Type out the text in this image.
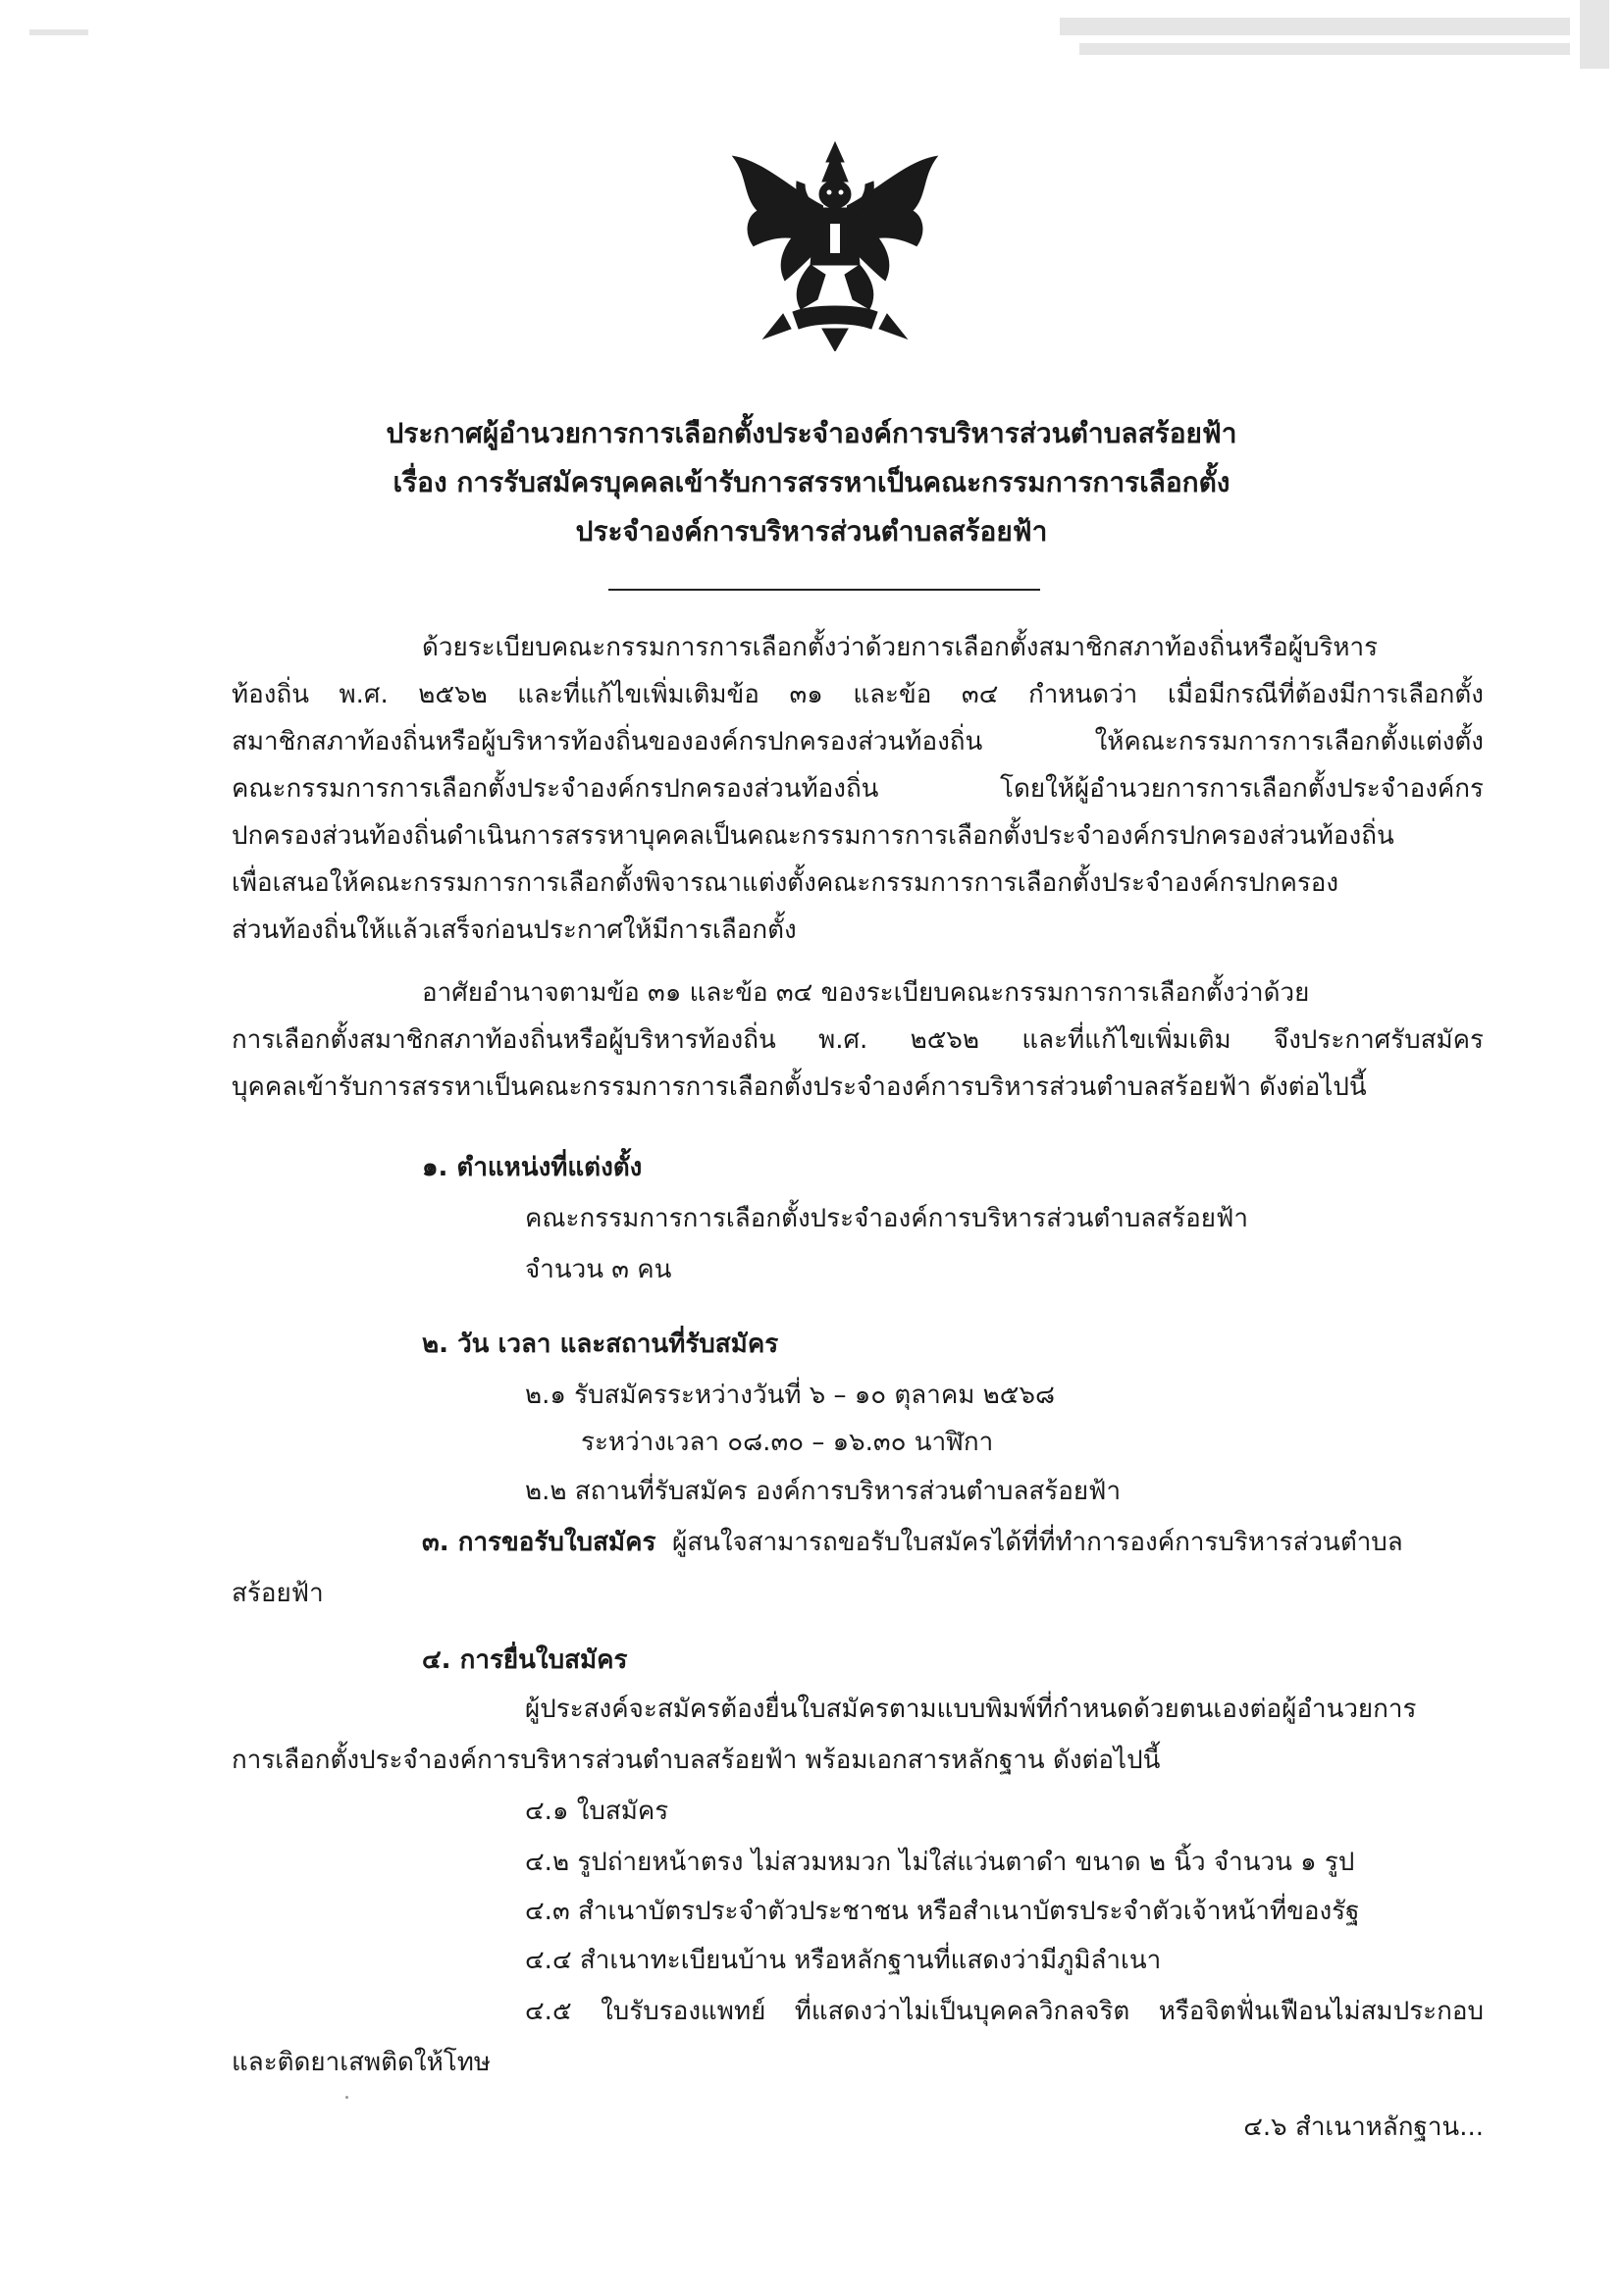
ประกาศผู้อำนวยการการเลือกตั้งประจำองค์การบริหารส่วนตำบลสร้อยฟ้า
เรื่อง การรับสมัครบุคคลเข้ารับการสรรหาเป็นคณะกรรมการการเลือกตั้ง
ประจำองค์การบริหารส่วนตำบลสร้อยฟ้า
ด้วยระเบียบคณะกรรมการการเลือกตั้งว่าด้วยการเลือกตั้งสมาชิกสภาท้องถิ่นหรือผู้บริหาร
ท้องถิ่น พ.ศ. ๒๕๖๒ และที่แก้ไขเพิ่มเติมข้อ ๓๑ และข้อ ๓๔ กำหนดว่า เมื่อมีกรณีที่ต้องมีการเลือกตั้ง
สมาชิกสภาท้องถิ่นหรือผู้บริหารท้องถิ่นขององค์กรปกครองส่วนท้องถิ่น ให้คณะกรรมการการเลือกตั้งแต่งตั้ง
คณะกรรมการการเลือกตั้งประจำองค์กรปกครองส่วนท้องถิ่น โดยให้ผู้อำนวยการการเลือกตั้งประจำองค์กร
ปกครองส่วนท้องถิ่นดำเนินการสรรหาบุคคลเป็นคณะกรรมการการเลือกตั้งประจำองค์กรปกครองส่วนท้องถิ่น
เพื่อเสนอให้คณะกรรมการการเลือกตั้งพิจารณาแต่งตั้งคณะกรรมการการเลือกตั้งประจำองค์กรปกครอง
ส่วนท้องถิ่นให้แล้วเสร็จก่อนประกาศให้มีการเลือกตั้ง
อาศัยอำนาจตามข้อ ๓๑ และข้อ ๓๔ ของระเบียบคณะกรรมการการเลือกตั้งว่าด้วย
การเลือกตั้งสมาชิกสภาท้องถิ่นหรือผู้บริหารท้องถิ่น พ.ศ. ๒๕๖๒ และที่แก้ไขเพิ่มเติม จึงประกาศรับสมัคร
บุคคลเข้ารับการสรรหาเป็นคณะกรรมการการเลือกตั้งประจำองค์การบริหารส่วนตำบลสร้อยฟ้า ดังต่อไปนี้
๑. ตำแหน่งที่แต่งตั้ง
คณะกรรมการการเลือกตั้งประจำองค์การบริหารส่วนตำบลสร้อยฟ้า
จำนวน ๓ คน
๒. วัน เวลา และสถานที่รับสมัคร
๒.๑ รับสมัครระหว่างวันที่ ๖ – ๑๐ ตุลาคม ๒๕๖๘
ระหว่างเวลา ๐๘.๓๐ – ๑๖.๓๐ นาฬิกา
๒.๒ สถานที่รับสมัคร องค์การบริหารส่วนตำบลสร้อยฟ้า
๓. การขอรับใบสมัคร ผู้สนใจสามารถขอรับใบสมัครได้ที่ที่ทำการองค์การบริหารส่วนตำบล
สร้อยฟ้า
๔. การยื่นใบสมัคร
ผู้ประสงค์จะสมัครต้องยื่นใบสมัครตามแบบพิมพ์ที่กำหนดด้วยตนเองต่อผู้อำนวยการ
การเลือกตั้งประจำองค์การบริหารส่วนตำบลสร้อยฟ้า พร้อมเอกสารหลักฐาน ดังต่อไปนี้
๔.๑ ใบสมัคร
๔.๒ รูปถ่ายหน้าตรง ไม่สวมหมวก ไม่ใส่แว่นตาดำ ขนาด ๒ นิ้ว จำนวน ๑ รูป
๔.๓ สำเนาบัตรประจำตัวประชาชน หรือสำเนาบัตรประจำตัวเจ้าหน้าที่ของรัฐ
๔.๔ สำเนาทะเบียนบ้าน หรือหลักฐานที่แสดงว่ามีภูมิลำเนา
๔.๕ ใบรับรองแพทย์ ที่แสดงว่าไม่เป็นบุคคลวิกลจริต หรือจิตฟั่นเฟือนไม่สมประกอบ
และติดยาเสพติดให้โทษ
๔.๖ สำเนาหลักฐาน...
